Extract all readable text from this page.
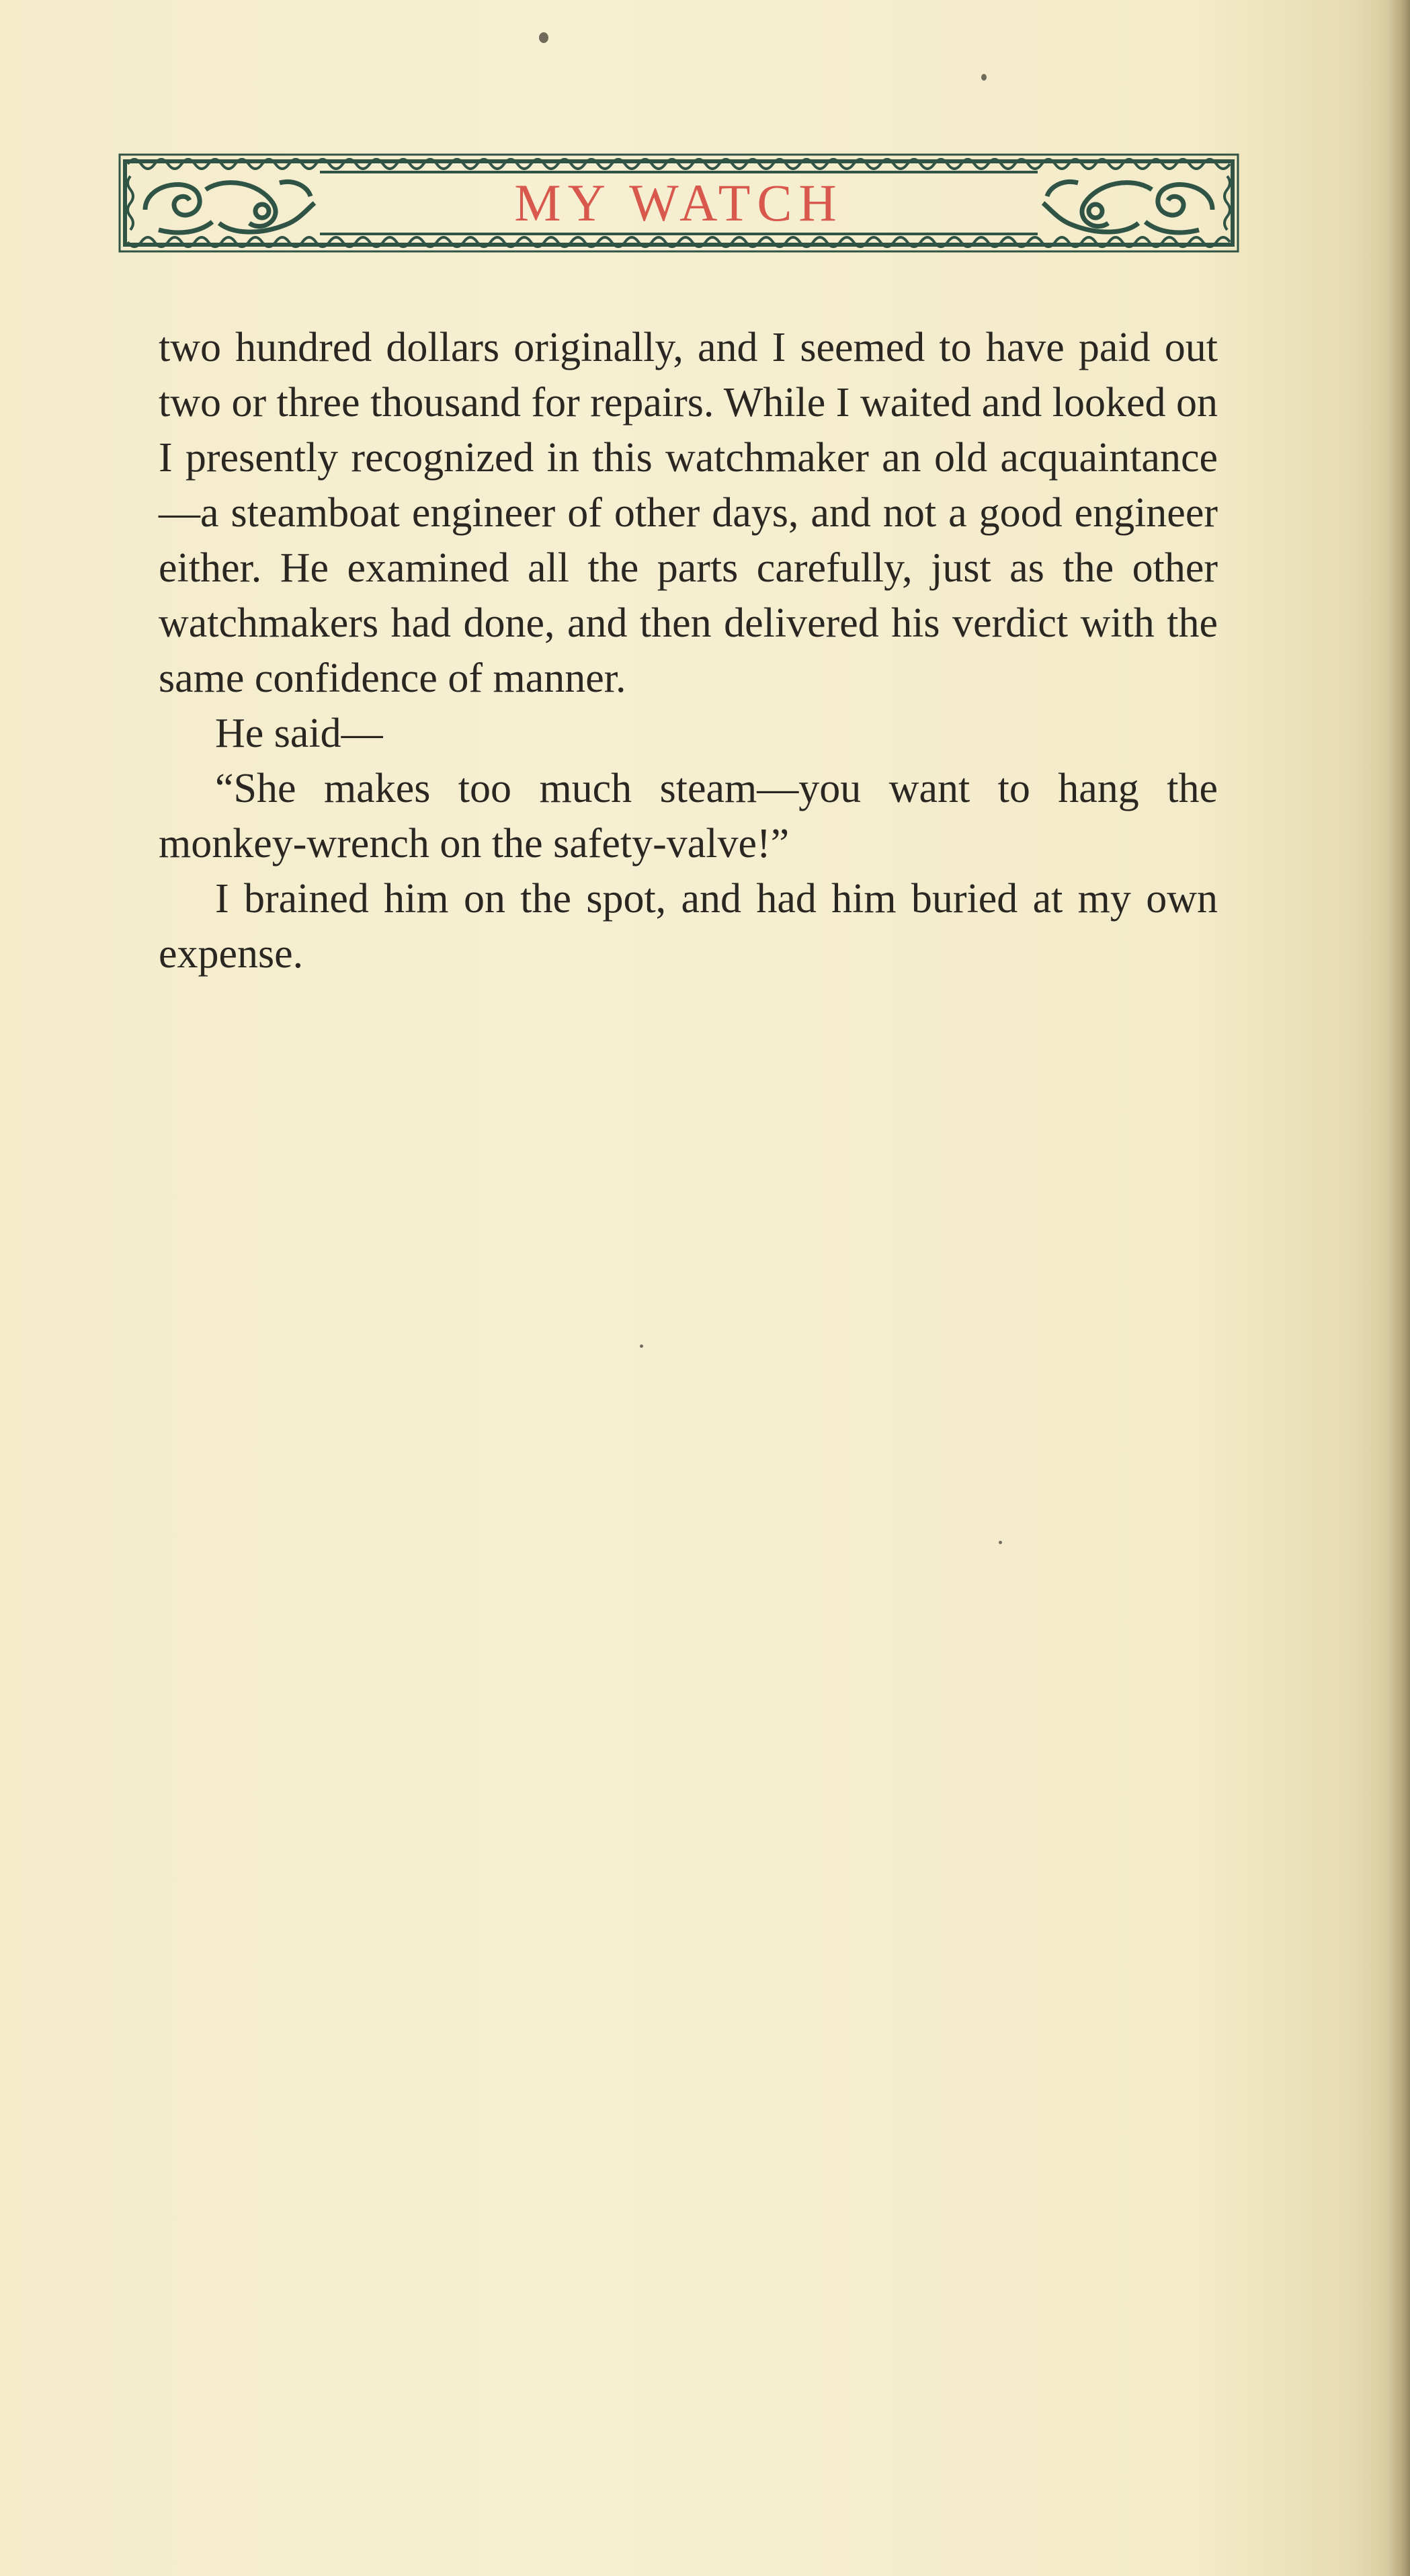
MY WATCH

two hundred dollars originally, and I seemed to have paid out two or three thousand for repairs. While I waited and looked on I presently recognized in this watchmaker an old acquaintance—a steamboat engineer of other days, and not a good engineer either. He examined all the parts carefully, just as the other watchmakers had done, and then delivered his verdict with the same confidence of manner.

He said—

“She makes too much steam—you want to hang the monkey-wrench on the safety-valve!”

I brained him on the spot, and had him buried at my own expense.
